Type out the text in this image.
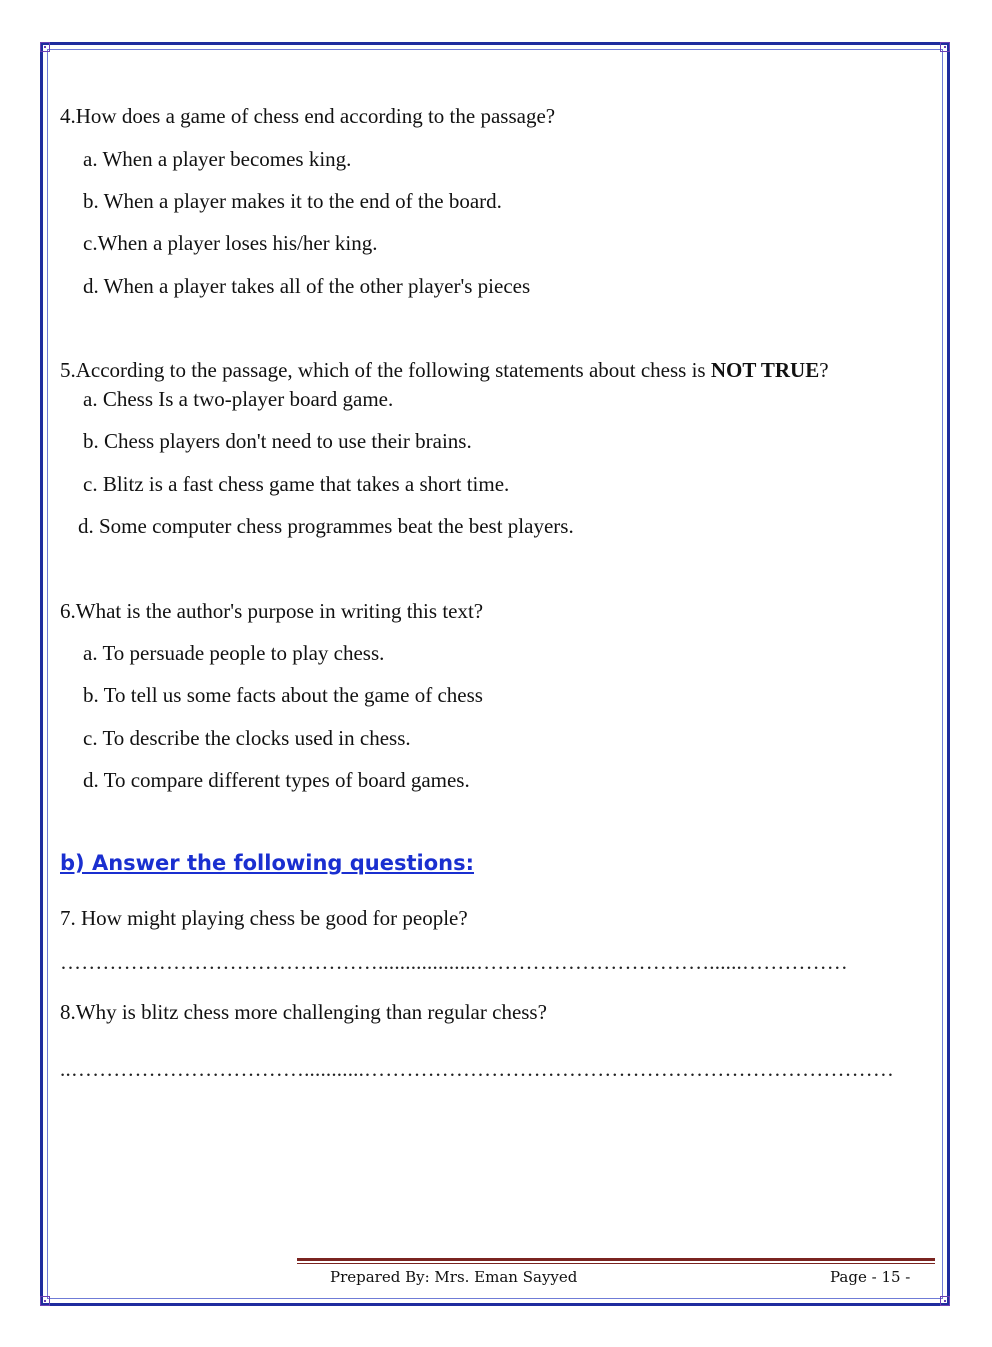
4.How does a game of chess end according to the passage?
a. When a player becomes king.
b. When a player makes it to the end of the board.
c.When a player loses his/her king.
d. When a player takes all of the other player's pieces
5.According to the passage, which of the following statements about chess is NOT TRUE?
a. Chess Is a two-player board game.
b. Chess players don't need to use their brains.
c. Blitz is a fast chess game that takes a short time.
d. Some computer chess programmes beat the best players.
6.What is the author's purpose in writing this text?
a. To persuade people to play chess.
b. To tell us some facts about the game of chess
c. To describe the clocks used in chess.
d. To compare different types of board games.
b) Answer the following questions:
7. How might playing chess be good for people?
………………………………………..................……………………………......……………
8.Why is blitz chess more challenging than regular chess?
..……………………………...........…………………………………………………………………
Prepared By: Mrs. Eman Sayyed	Page - 15 -
